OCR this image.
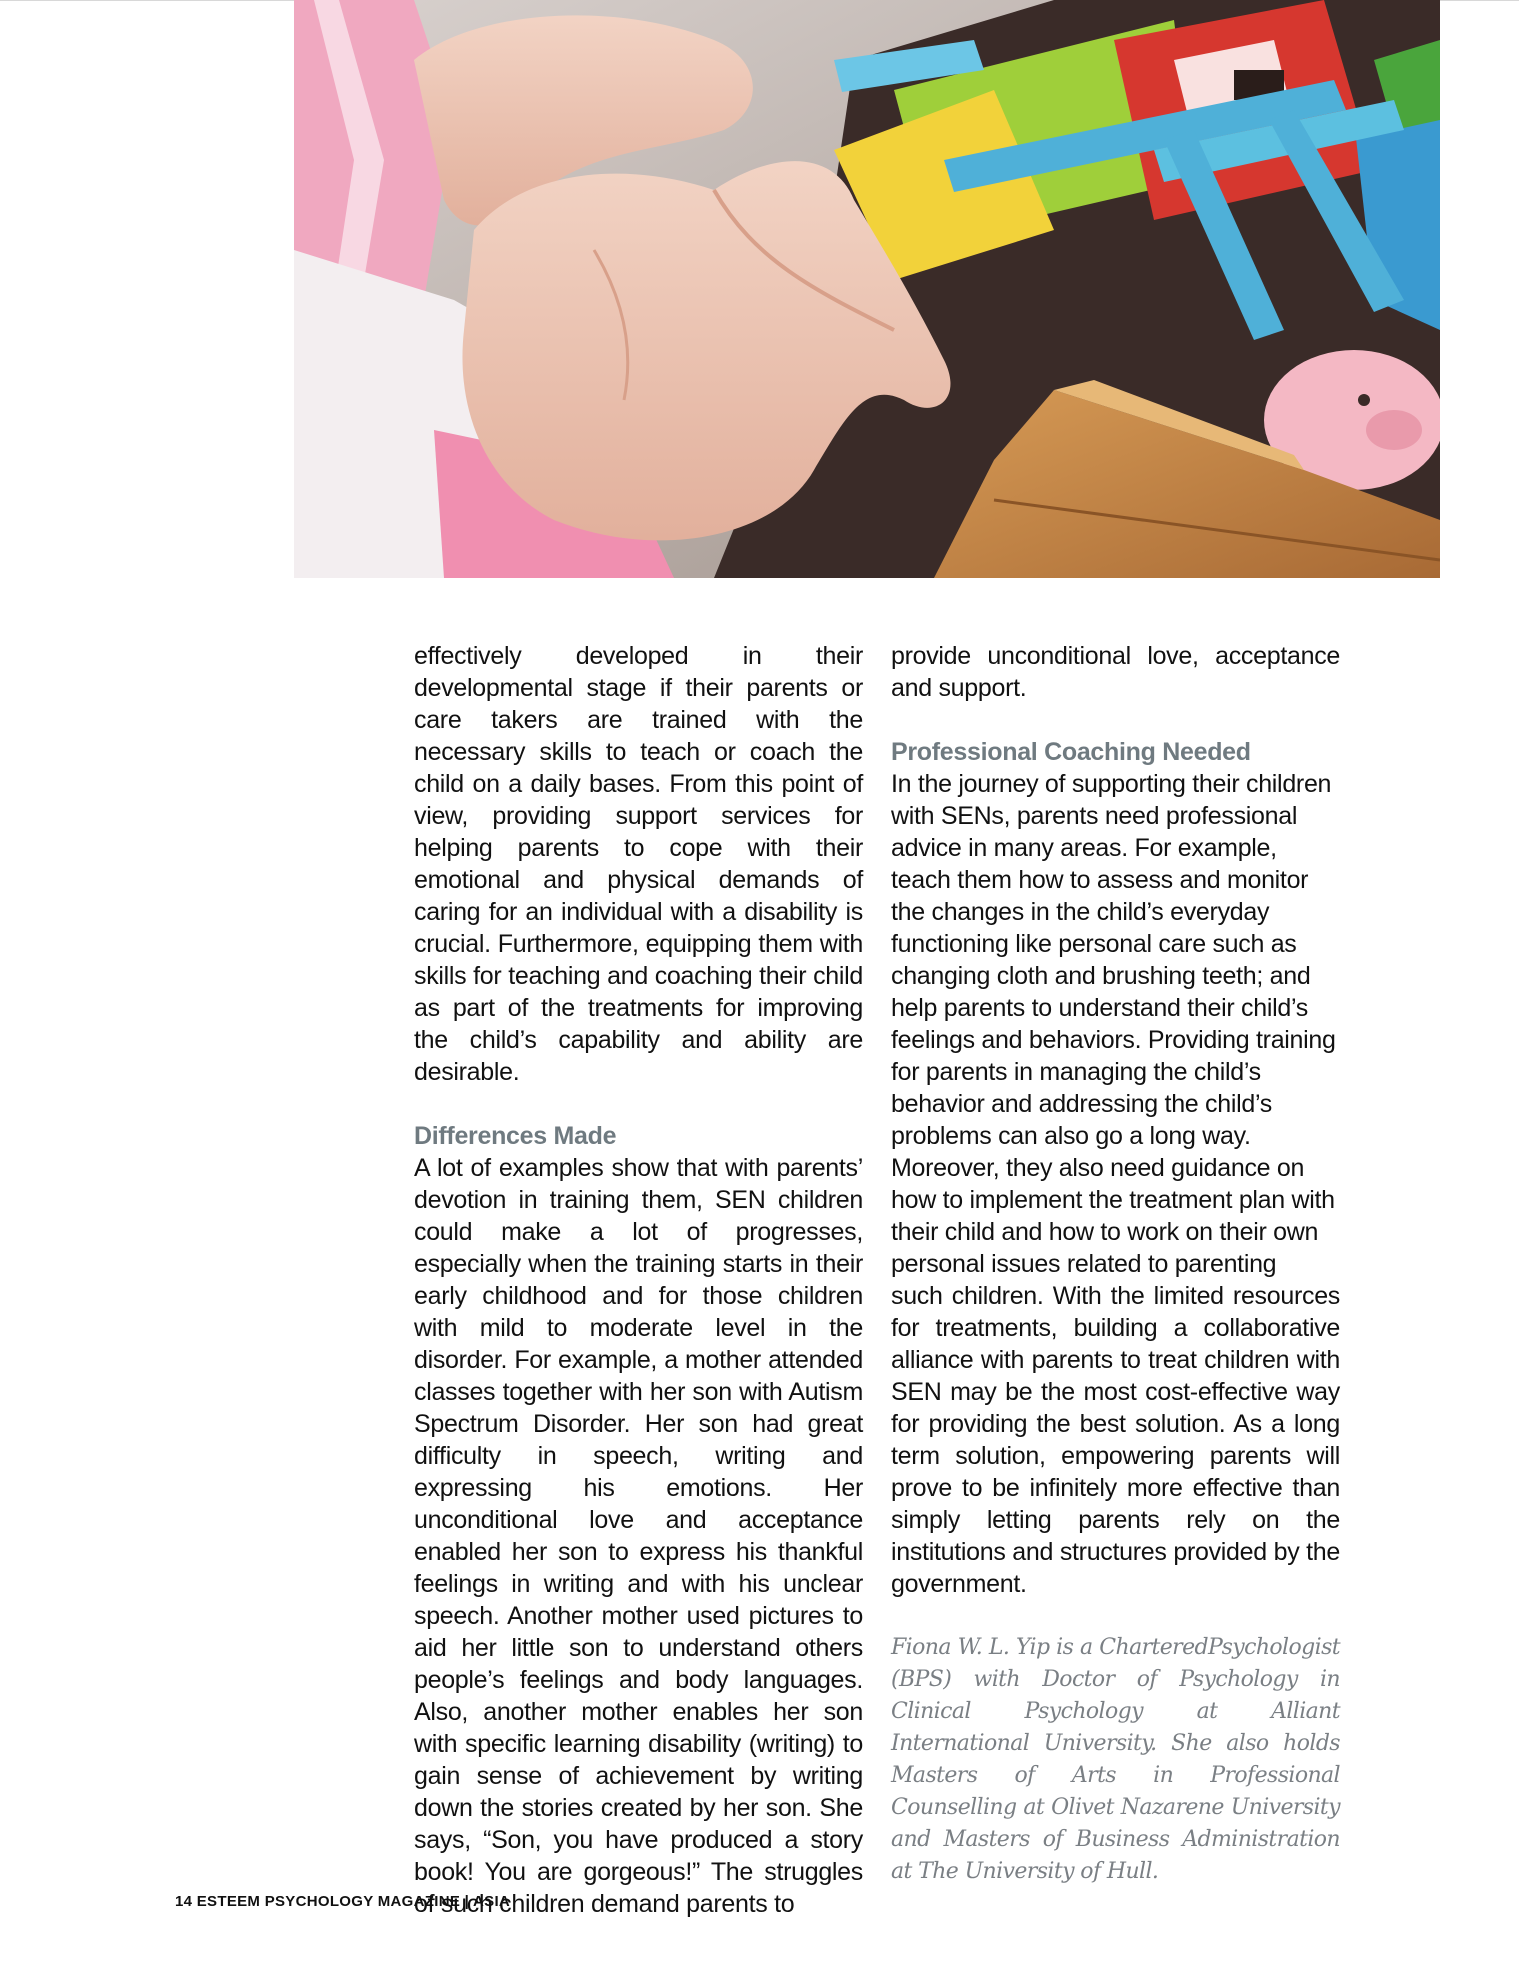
effectively developed in their developmental stage if their parents or care takers are trained with the necessary skills to teach or coach the child on a daily bases. From this point of view, providing support services for helping parents to cope with their emotional and physical demands of caring for an individual with a disability is crucial. Furthermore, equipping them with skills for teaching and coaching their child as part of the treatments for improving the child’s capability and ability are desirable.

Differences Made

A lot of examples show that with parents’ devotion in training them, SEN children could make a lot of progresses, especially when the training starts in their early childhood and for those children with mild to moderate level in the disorder. For example, a mother attended classes together with her son with Autism Spectrum Disorder. Her son had great difficulty in speech, writing and expressing his emotions. Her unconditional love and acceptance enabled her son to express his thankful feelings in writing and with his unclear speech. Another mother used pictures to aid her little son to understand others people’s feelings and body languages. Also, another mother enables her son with specific learning disability (writing) to gain sense of achievement by writing down the stories created by her son. She says, “Son, you have produced a story book! You are gorgeous!” The struggles of such children demand parents to

provide unconditional love, acceptance and support.

Professional Coaching Needed

In the journey of supporting their children with SENs, parents need professional advice in many areas. For example, teach them how to assess and monitor the changes in the child’s everyday functioning like personal care such as changing cloth and brushing teeth; and help parents to understand their child’s feelings and behaviors. Providing training for parents in managing the child’s behavior and addressing the child’s problems can also go a long way. Moreover, they also need guidance on how to implement the treatment plan with their child and how to work on their own personal issues related to parenting

such children. With the limited resources for treatments, building a collaborative alliance with parents to treat children with SEN may be the most cost-effective way for providing the best solution. As a long term solution, empowering parents will prove to be infinitely more effective than simply letting parents rely on the institutions and structures provided by the government.

Fiona W. L. Yip is a CharteredPsychologist (BPS) with Doctor of Psychology in Clinical Psychology at Alliant International University. She also holds Masters of Arts in Professional Counselling at Olivet Nazarene University and Masters of Business Administration at The University of Hull.

14 ESTEEM PSYCHOLOGY MAGAZINE | ASIA
